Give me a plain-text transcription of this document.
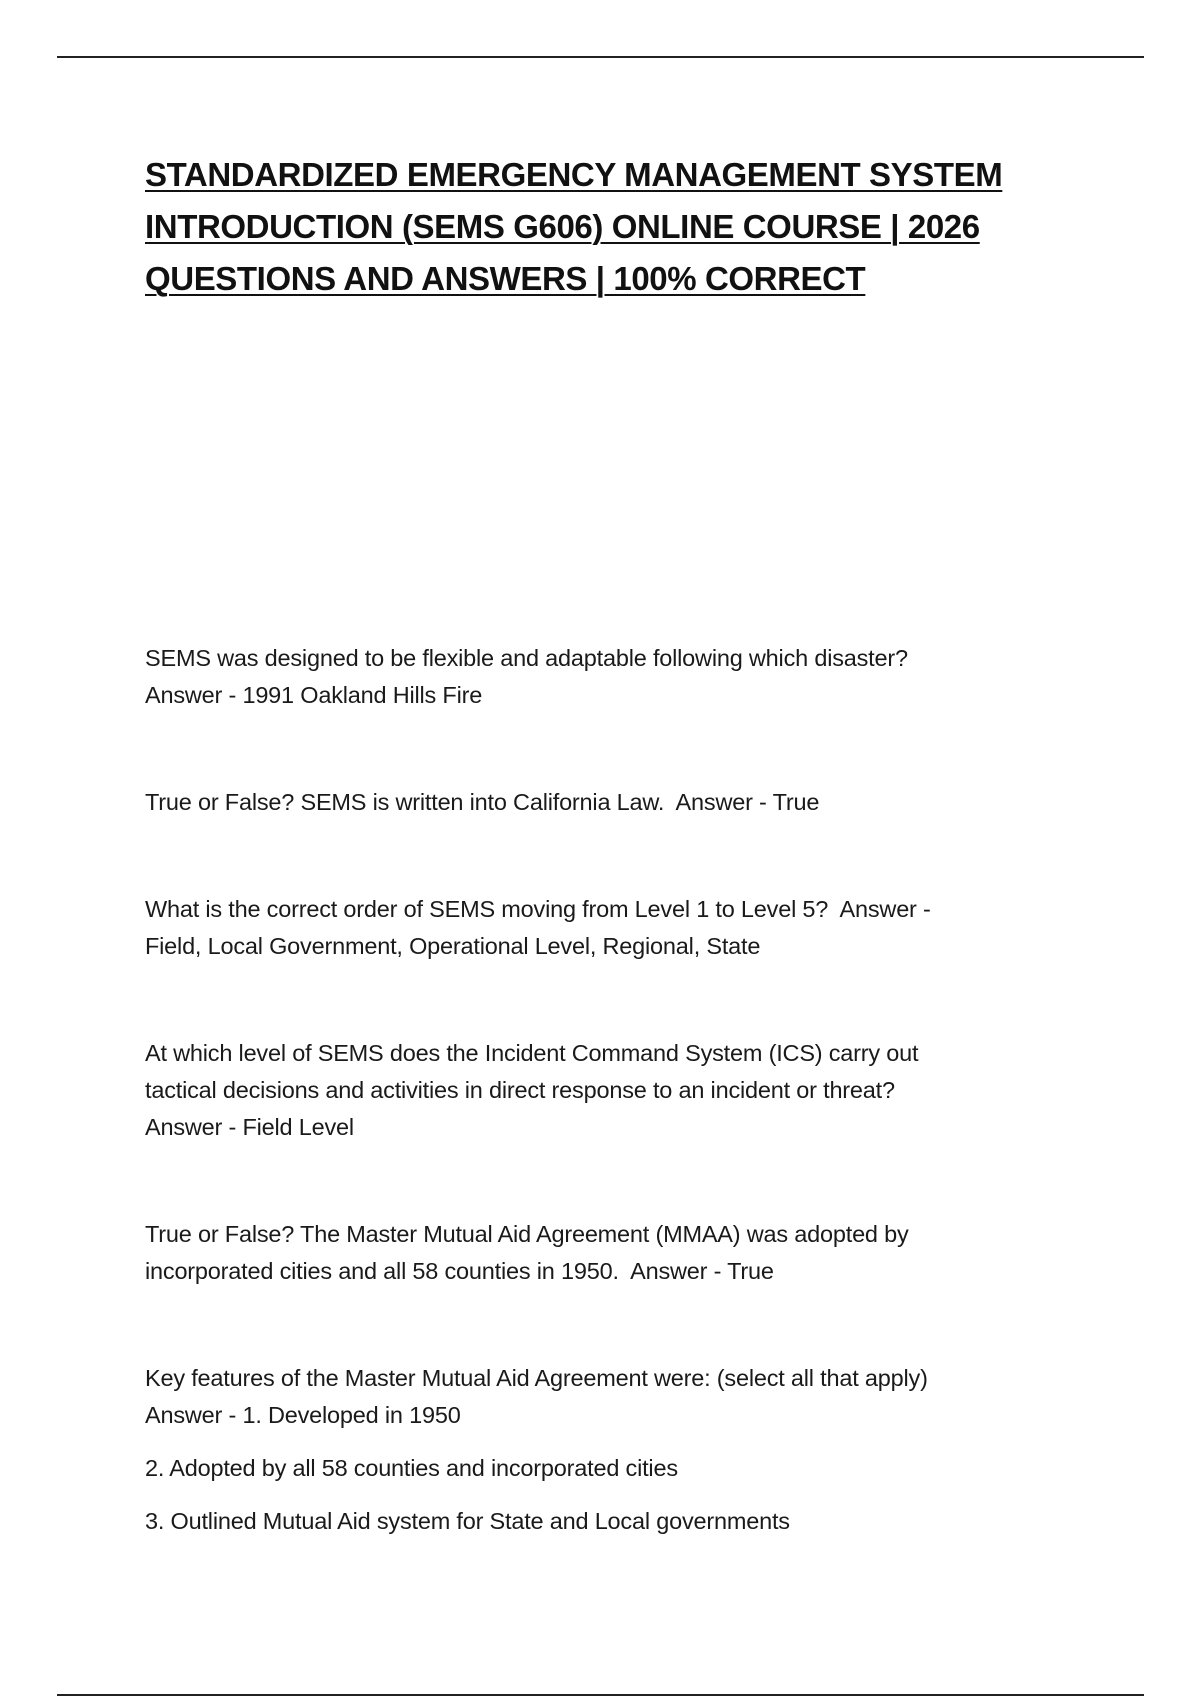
STANDARDIZED EMERGENCY MANAGEMENT SYSTEM INTRODUCTION (SEMS G606) ONLINE COURSE | 2026 QUESTIONS AND ANSWERS | 100% CORRECT

SEMS was designed to be flexible and adaptable following which disaster?
Answer - 1991 Oakland Hills Fire

True or False? SEMS is written into California Law.  Answer - True

What is the correct order of SEMS moving from Level 1 to Level 5?  Answer -
Field, Local Government, Operational Level, Regional, State

At which level of SEMS does the Incident Command System (ICS) carry out
tactical decisions and activities in direct response to an incident or threat?
Answer - Field Level

True or False? The Master Mutual Aid Agreement (MMAA) was adopted by
incorporated cities and all 58 counties in 1950.  Answer - True

Key features of the Master Mutual Aid Agreement were: (select all that apply)
Answer - 1. Developed in 1950
2. Adopted by all 58 counties and incorporated cities
3. Outlined Mutual Aid system for State and Local governments
